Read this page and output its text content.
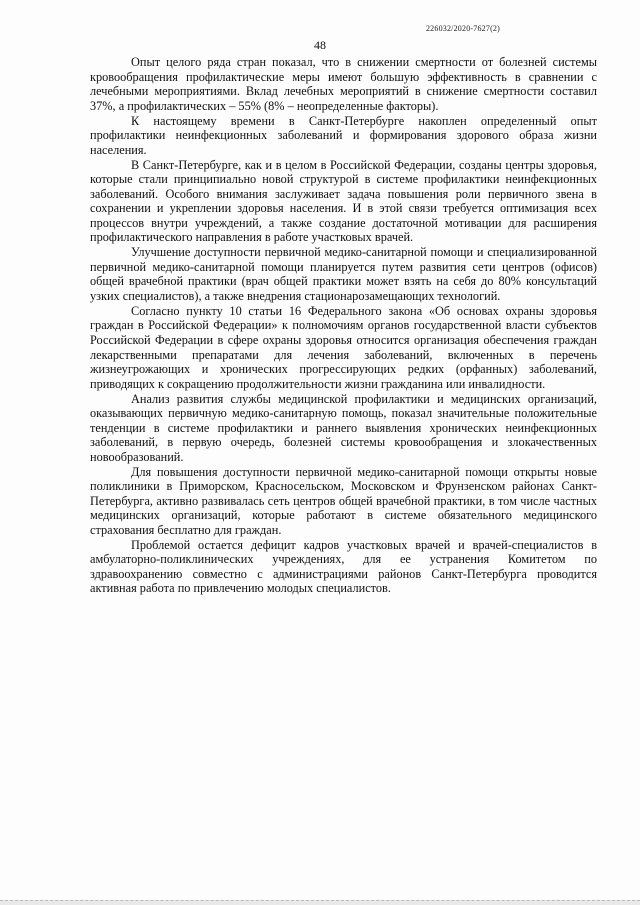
226032/2020-7627(2)
48

Опыт целого ряда стран показал, что в снижении смертности от болезней системы кровообращения профилактические меры имеют большую эффективность в сравнении с лечебными мероприятиями. Вклад лечебных мероприятий в снижение смертности составил 37%, а профилактических – 55% (8% – неопределенные факторы).

К настоящему времени в Санкт-Петербурге накоплен определенный опыт профилактики неинфекционных заболеваний и формирования здорового образа жизни населения.

В Санкт-Петербурге, как и в целом в Российской Федерации, созданы центры здоровья, которые стали принципиально новой структурой в системе профилактики неинфекционных заболеваний. Особого внимания заслуживает задача повышения роли первичного звена в сохранении и укреплении здоровья населения. И в этой связи требуется оптимизация всех процессов внутри учреждений, а также создание достаточной мотивации для расширения профилактического направления в работе участковых врачей.

Улучшение доступности первичной медико-санитарной помощи и специализированной первичной медико-санитарной помощи планируется путем развития сети центров (офисов) общей врачебной практики (врач общей практики может взять на себя до 80% консультаций узких специалистов), а также внедрения стационарозамещающих технологий.

Согласно пункту 10 статьи 16 Федерального закона «Об основах охраны здоровья граждан в Российской Федерации» к полномочиям органов государственной власти субъектов Российской Федерации в сфере охраны здоровья относится организация обеспечения граждан лекарственными препаратами для лечения заболеваний, включенных в перечень жизнеугрожающих и хронических прогрессирующих редких (орфанных) заболеваний, приводящих к сокращению продолжительности жизни гражданина или инвалидности.

Анализ развития службы медицинской профилактики и медицинских организаций, оказывающих первичную медико-санитарную помощь, показал значительные положительные тенденции в системе профилактики и раннего выявления хронических неинфекционных заболеваний, в первую очередь, болезней системы кровообращения и злокачественных новообразований.

Для повышения доступности первичной медико-санитарной помощи открыты новые поликлиники в Приморском, Красносельском, Московском и Фрунзенском районах Санкт-Петербурга, активно развивалась сеть центров общей врачебной практики, в том числе частных медицинских организаций, которые работают в системе обязательного медицинского страхования бесплатно для граждан.

Проблемой остается дефицит кадров участковых врачей и врачей-специалистов в амбулаторно-поликлинических учреждениях, для ее устранения Комитетом по здравоохранению совместно с администрациями районов Санкт-Петербурга проводится активная работа по привлечению молодых специалистов.
